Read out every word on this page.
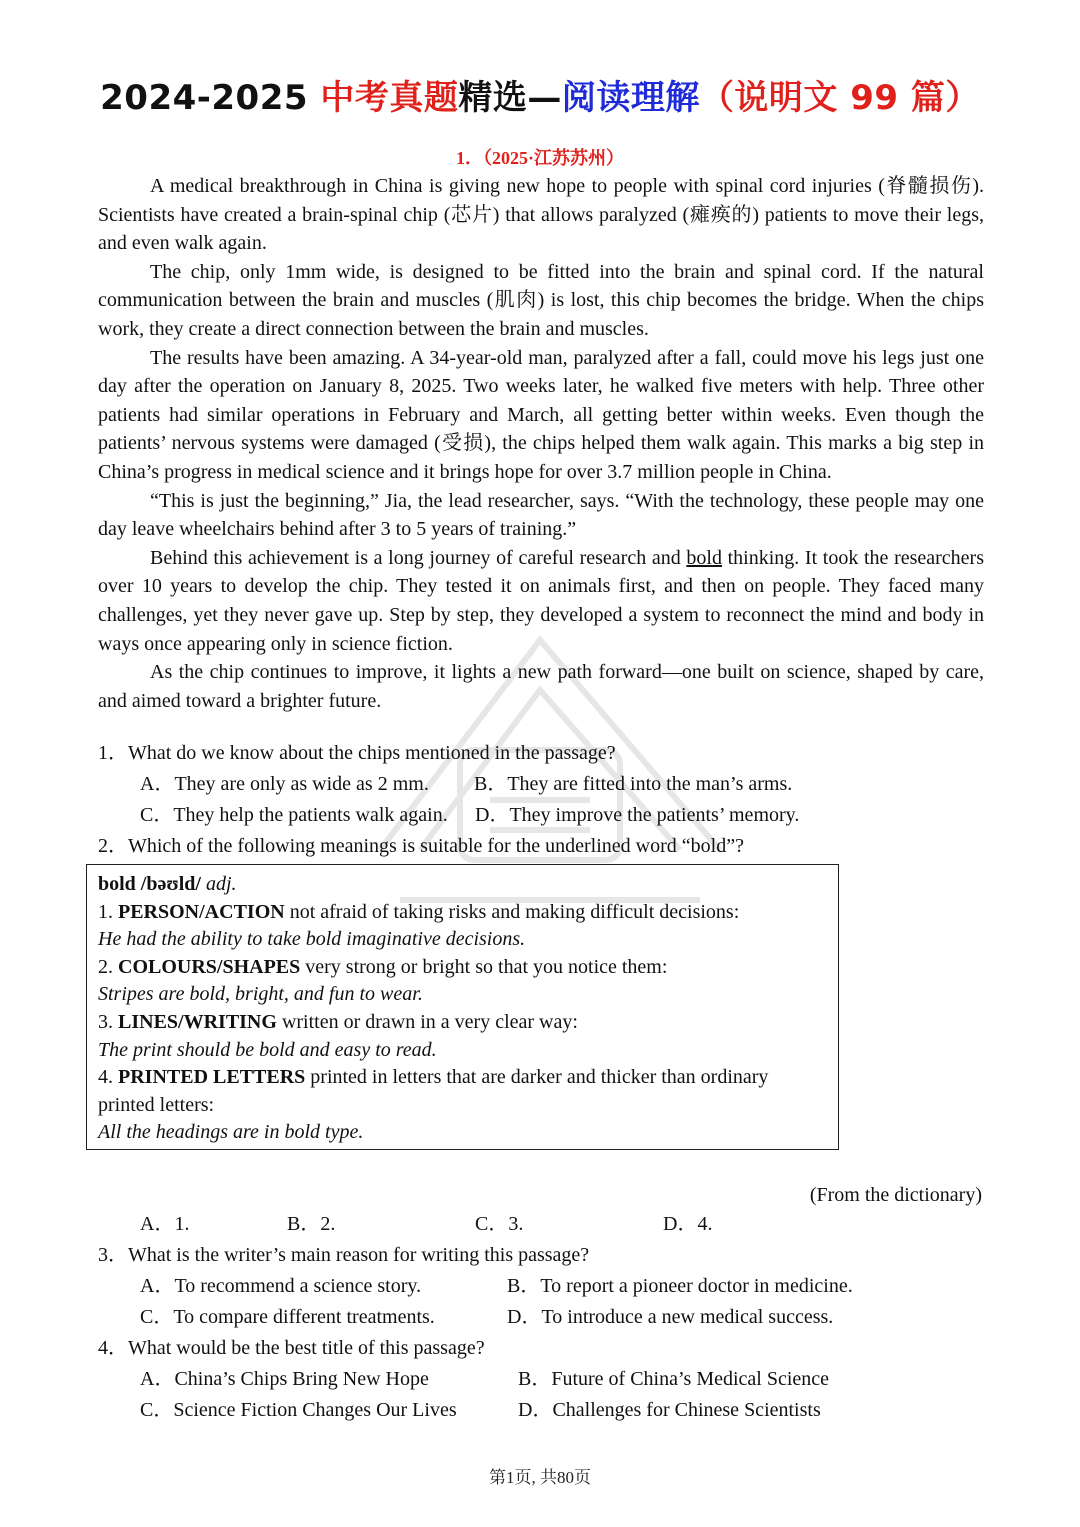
2024-2025 中考真题精选—阅读理解（说明文 99 篇）
1．（2025·江苏苏州）

A medical breakthrough in China is giving new hope to people with spinal cord injuries (脊髓损伤). Scientists have created a brain-spinal chip (芯片) that allows paralyzed (瘫痪的) patients to move their legs, and even walk again.

The chip, only 1mm wide, is designed to be fitted into the brain and spinal cord. If the natural communication between the brain and muscles (肌肉) is lost, this chip becomes the bridge. When the chips work, they create a direct connection between the brain and muscles.

The results have been amazing. A 34-year-old man, paralyzed after a fall, could move his legs just one day after the operation on January 8, 2025. Two weeks later, he walked five meters with help. Three other patients had similar operations in February and March, all getting better within weeks. Even though the patients’ nervous systems were damaged (受损), the chips helped them walk again. This marks a big step in China’s progress in medical science and it brings hope for over 3.7 million people in China.

“This is just the beginning,” Jia, the lead researcher, says. “With the technology, these people may one day leave wheelchairs behind after 3 to 5 years of training.”

Behind this achievement is a long journey of careful research and bold thinking. It took the researchers over 10 years to develop the chip. They tested it on animals first, and then on people. They faced many challenges, yet they never gave up. Step by step, they developed a system to reconnect the mind and body in ways once appearing only in science fiction.

As the chip continues to improve, it lights a new path forward—one built on science, shaped by care, and aimed toward a brighter future.

1．What do we know about the chips mentioned in the passage?
A．They are only as wide as 2 mm. B．They are fitted into the man’s arms.
C．They help the patients walk again. D．They improve the patients’ memory.
2．Which of the following meanings is suitable for the underlined word “bold”?
bold /bəʊld/ adj.
1. PERSON/ACTION not afraid of taking risks and making difficult decisions:
He had the ability to take bold imaginative decisions.
2. COLOURS/SHAPES very strong or bright so that you notice them:
Stripes are bold, bright, and fun to wear.
3. LINES/WRITING written or drawn in a very clear way:
The print should be bold and easy to read.
4. PRINTED LETTERS printed in letters that are darker and thicker than ordinary printed letters:
All the headings are in bold type.
(From the dictionary)
A．1.	B．2.	C．3.	D．4.
3．What is the writer’s main reason for writing this passage?
A．To recommend a science story.	B．To report a pioneer doctor in medicine.
C．To compare different treatments.	D．To introduce a new medical success.
4．What would be the best title of this passage?
A．China’s Chips Bring New Hope	B．Future of China’s Medical Science
C．Science Fiction Changes Our Lives	D．Challenges for Chinese Scientists
第1页, 共80页
